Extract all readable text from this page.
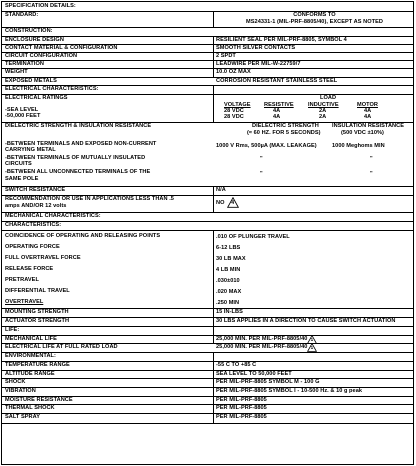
SPECIFICATION DETAILS:
STANDARD:	CONFORMS TO
MS24331-1 (MIL-PRF-8805/40), EXCEPT AS NOTED
CONSTRUCTION:
ENCLOSURE DESIGN	RESILIENT SEAL PER MIL-PRF-8805, SYMBOL 4
CONTACT MATERIAL & CONFIGURATION	SMOOTH SILVER CONTACTS
CIRCUIT CONFIGURATION	2 SPDT
TERMINATION	LEADWIRE PER MIL-W-22759/7
WEIGHT	10.0 OZ MAX
EXPOSED METALS	CORROSION RESISTANT STAINLESS STEEL
ELECTRICAL CHARACTERISTICS:
ELECTRICAL RATINGS
-SEA LEVEL
-50,000 FEET
LOAD
VOLTAGE RESISTIVE	INDUCTIVE	MOTOR
28 VDC	4A	2A	4A
28 VDC	4A	2A	4A
DIELECTRIC STRENGTH & INSULATION RESISTANCE	DIELECTRIC STRENGTH INSULATION RESISTANCE
(≈ 60 HZ. FOR 5 SECONDS)	(500 VDC ±10%)
-BETWEEN TERMINALS AND EXPOSED NON-CURRENT
CARRYING METAL
1000 V Rms, 500µA (MAX. LEAKAGE)	1000 Meghoms MIN
-BETWEEN TERMINALS OF MUTUALLY INSULATED
CIRCUITS
"	"
-BETWEEN ALL UNCONNECTED TERMINALS OF THE
SAME POLE
"	"
SWITCH RESISTANCE	N/A
RECOMMENDATION OR USE IN APPLICATIONS LESS THAN .5
amps AND/OR 12 volts	NO 4
MECHANICAL CHARACTERISTICS:
CHARACTERISTICS:
COINCIDENCE OF OPERATING AND RELEASING POINTS	.010 OF PLUNGER TRAVEL
OPERATING FORCE	6-12 LBS
FULL OVERTRAVEL FORCE	30 LB MAX
RELEASE FORCE	4 LB MIN
PRETRAVEL	.030±010
DIFFERENTIAL TRAVEL	.020 MAX
OVERTRAVEL	.250 MIN
MOUNTING STRENGTH	15 IN-LBS
ACTUATOR STRENGTH	30 LBS APPLIES IN A DIRECTION TO CAUSE SWITCH ACTUATION
LIFE:
MECHANICAL LIFE	25,000 MIN. PER MIL-PRF-8805/40 1
ELECTRICAL LIFE AT FULL RATED LOAD	25,000 MIN. PER MIL-PRF-8805/40 1
ENVIRONMENTAL:
TEMPERATURE RANGE	-55 C TO +85 C
ALTITUDE RANGE	SEA LEVEL TO 50,000 FEET
SHOCK	PER MIL-PRF-8805 SYMBOL M - 100 G
VIBRATION	PER MIL-PRF-8805 SYMBOL I - 10-500 Hz. & 10 g peak
MOISTURE RESISTANCE	PER MIL-PRF-8805
THERMAL SHOCK	PER MIL-PRF-8805
SALT SPRAY	PER MIL-PRF-8805
